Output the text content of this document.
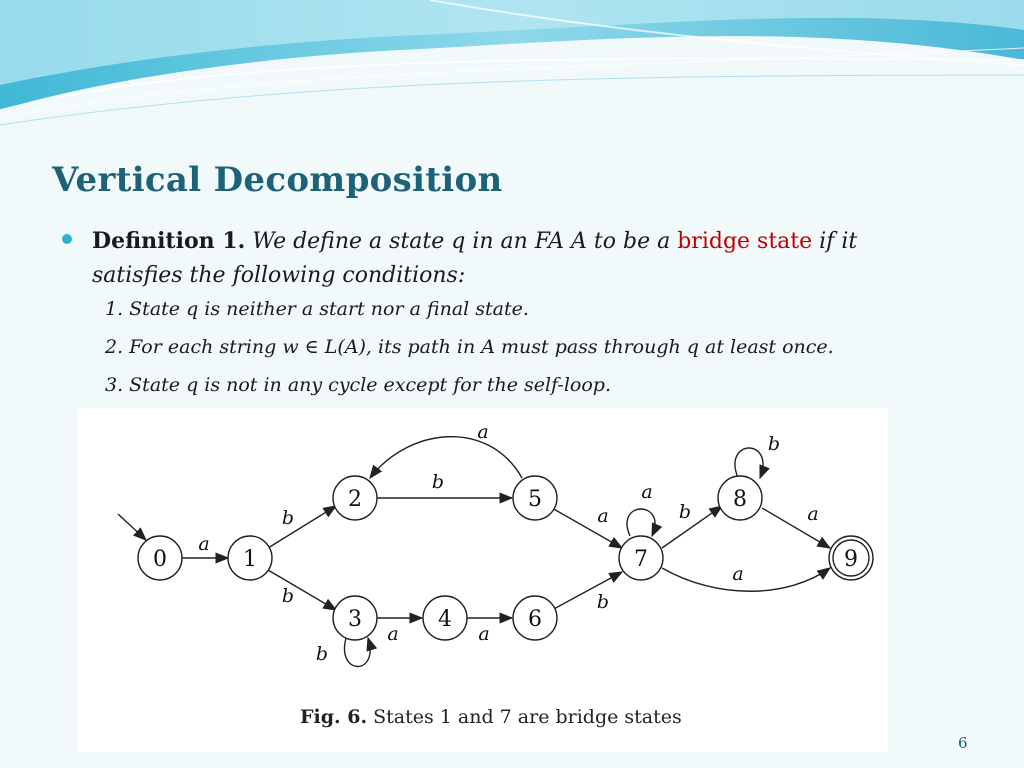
Vertical Decomposition
Definition 1. We define a state q in an FA A to be a bridge state if it satisfies the following conditions:
1. State q is neither a start nor a final state.
2. For each string w ∈ L(A), its path in A must pass through q at least once.
3. State q is not in any cycle except for the self-loop.
0	1
2
3	4
5
6
7
8
9
a
b
b
b
a
b
a	a
a
b
a
b
b
a
a
Fig. 6. States 1 and 7 are bridge states
6
